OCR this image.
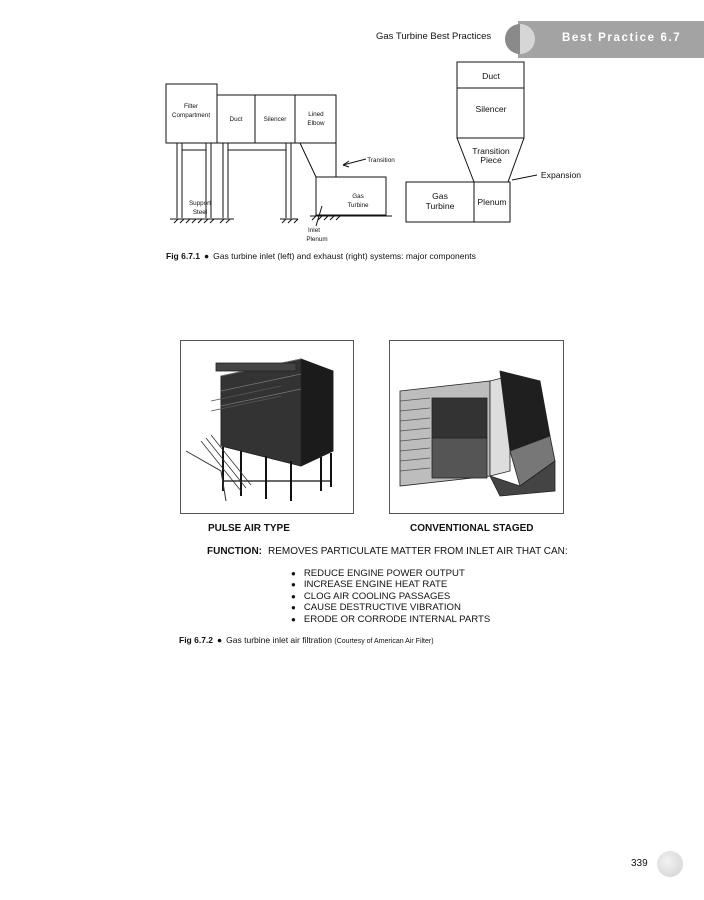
Gas Turbine Best Practices	Best Practice 6.7
Filter
Compartment
Duct	Silencer
Lined
Elbow
Transition
Gas
Turbine
Support
Steel
Inlet
Plenum
Duct
Silencer
Transition
Piece
Expansion
Gas
Turbine	Plenum
Fig 6.7.1 ● Gas turbine inlet (left) and exhaust (right) systems: major components
PULSE AIR TYPE	CONVENTIONAL STAGED
FUNCTION: REMOVES PARTICULATE MATTER FROM INLET AIR THAT CAN:
● REDUCE ENGINE POWER OUTPUT
● INCREASE ENGINE HEAT RATE
● CLOG AIR COOLING PASSAGES
● CAUSE DESTRUCTIVE VIBRATION
● ERODE OR CORRODE INTERNAL PARTS
Fig 6.7.2 ● Gas turbine inlet air filtration (Courtesy of American Air Filter)
339
